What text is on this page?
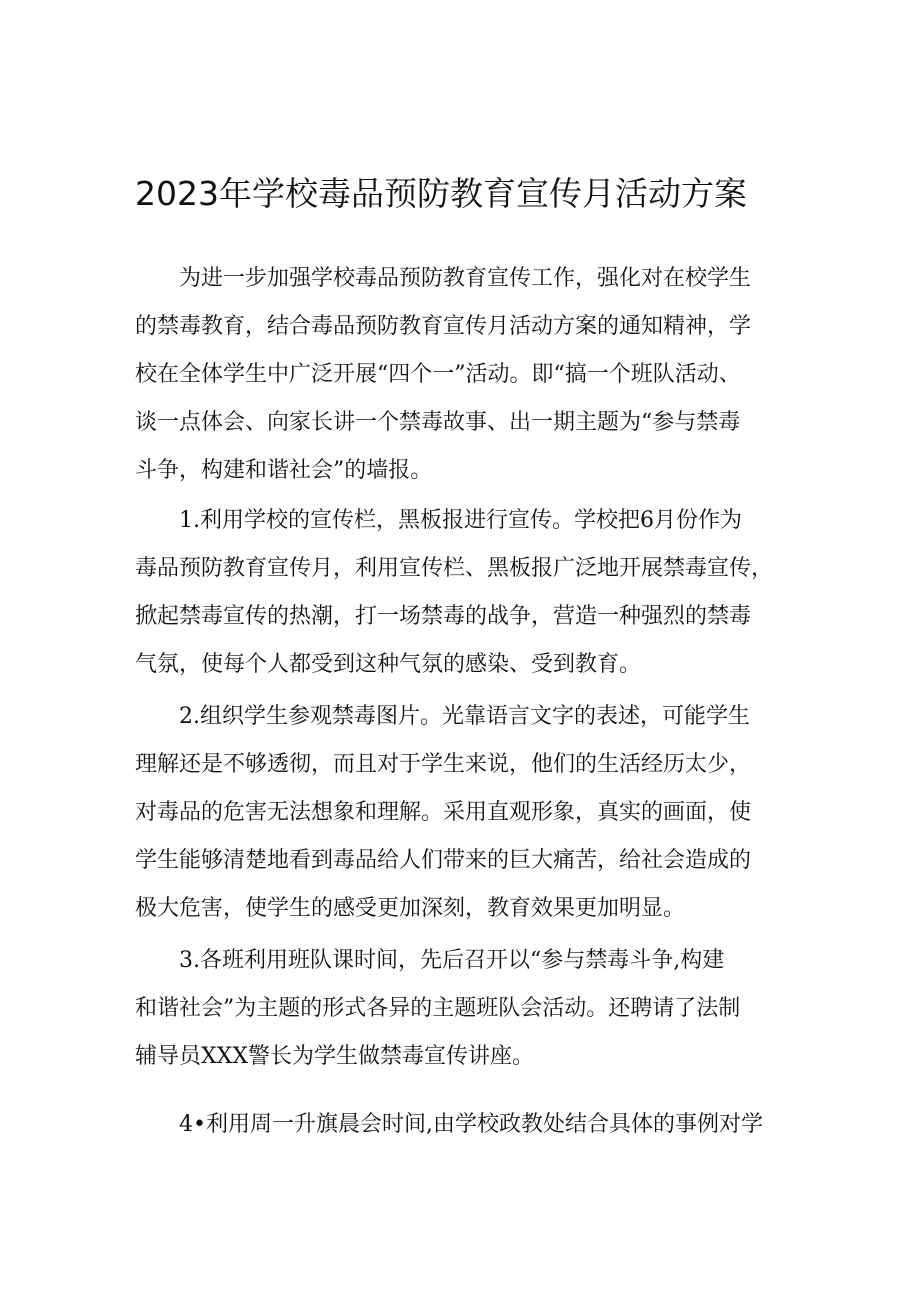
2023年学校毒品预防教育宣传月活动方案
为进一步加强学校毒品预防教育宣传工作，强化对在校学生
的禁毒教育，结合毒品预防教育宣传月活动方案的通知精神，学
校在全体学生中广泛开展“四个一”活动。即“搞一个班队活动、
谈一点体会、向家长讲一个禁毒故事、出一期主题为“参与禁毒
斗争，构建和谐社会”的墙报。
1.利用学校的宣传栏，黑板报进行宣传。学校把6月份作为
毒品预防教育宣传月，利用宣传栏、黑板报广泛地开展禁毒宣传，
掀起禁毒宣传的热潮，打一场禁毒的战争，营造一种强烈的禁毒
气氛，使每个人都受到这种气氛的感染、受到教育。
2.组织学生参观禁毒图片。光靠语言文字的表述，可能学生
理解还是不够透彻，而且对于学生来说，他们的生活经历太少，
对毒品的危害无法想象和理解。采用直观形象，真实的画面，使
学生能够清楚地看到毒品给人们带来的巨大痛苦，给社会造成的
极大危害，使学生的感受更加深刻，教育效果更加明显。
3.各班利用班队课时间，先后召开以“参与禁毒斗争,构建
和谐社会”为主题的形式各异的主题班队会活动。还聘请了法制
辅导员XXX警长为学生做禁毒宣传讲座。
4•利用周一升旗晨会时间,由学校政教处结合具体的事例对学
